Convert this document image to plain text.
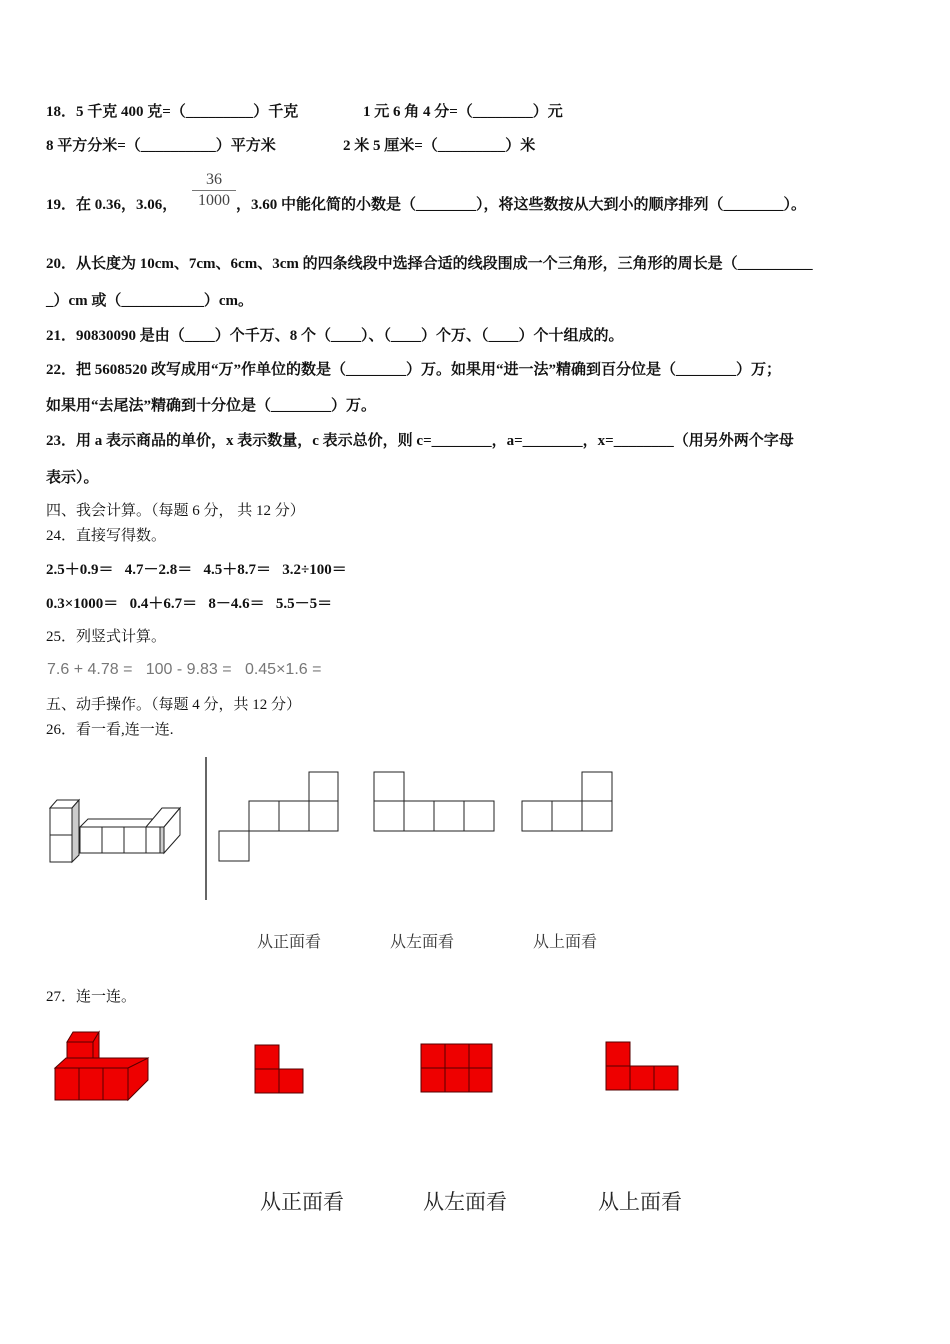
18．5 千克 400 克=（_________）千克	1 元 6 角 4 分=（________）元
8 平方分米=（__________）平方米	2 米 5 厘米=（_________）米
$\frac{36}{1000}$
19．在 0.36，3.06，	，3.60 中能化简的小数是（________），将这些数按从大到小的顺序排列（________）。
20．从长度为 10cm、7cm、6cm、3cm 的四条线段中选择合适的线段围成一个三角形，三角形的周长是（__________
_）cm 或（___________）cm。
21．90830090 是由（____）个千万、8 个（____）、（____）个万、（____）个十组成的。
22．把 5608520 改写成用“万”作单位的数是（________）万。如果用“进一法”精确到百分位是（________）万；
如果用“去尾法”精确到十分位是（________）万。
23．用 a 表示商品的单价，x 表示数量，c 表示总价，则 c=________，a=________，x=________（用另外两个字母
表示）。
四、我会计算。（每题 6 分， 共 12 分）
24．直接写得数。
2.5＋0.9＝ 4.7－2.8＝ 4.5＋8.7＝ 3.2÷100＝
0.3×1000＝ 0.4＋6.7＝ 8－4.6＝ 5.5－5＝
25．列竖式计算。
7.6 + 4.78 = 100 - 9.83 = 0.45×1.6 =
五、动手操作。（每题 4 分，共 12 分）
26．看一看,连一连.
从正面看	从左面看	从上面看
27．连一连。
从正面看	从左面看	从上面看
